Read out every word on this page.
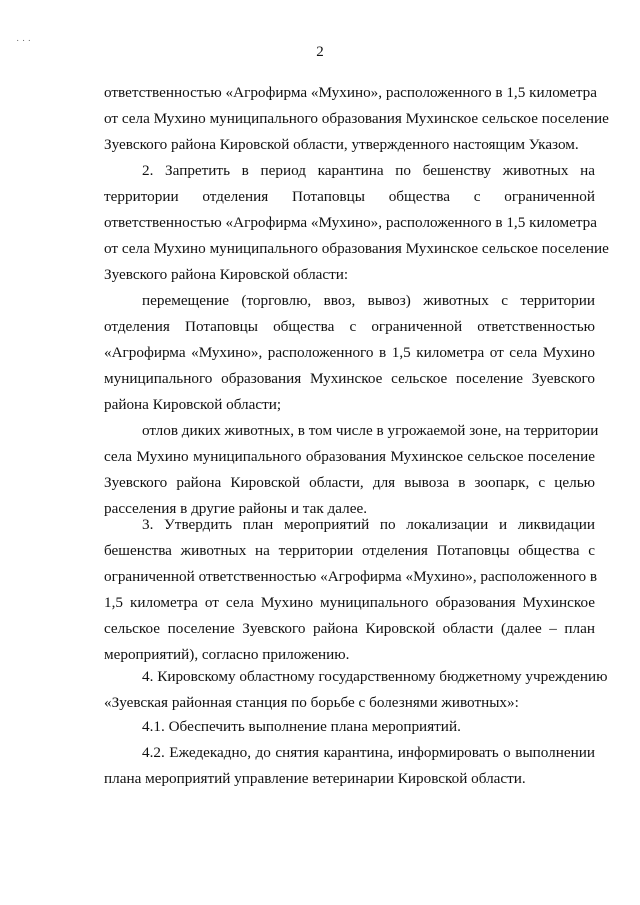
˙ ˙ ˙	2
ответственностью «Агрофирма «Мухино», расположенного в 1,5 километра
от села Мухино муниципального образования Мухинское сельское поселение
Зуевского района Кировской области, утвержденного настоящим Указом.
2. Запретить в период карантина по бешенству животных на
территории отделения Потаповцы общества с ограниченной
ответственностью «Агрофирма «Мухино», расположенного в 1,5 километра
от села Мухино муниципального образования Мухинское сельское поселение
Зуевского района Кировской области:
перемещение (торговлю, ввоз, вывоз) животных с территории
отделения Потаповцы общества с ограниченной ответственностью
«Агрофирма «Мухино», расположенного в 1,5 километра от села Мухино
муниципального образования Мухинское сельское поселение Зуевского
района Кировской области;
отлов диких животных, в том числе в угрожаемой зоне, на территории
села Мухино муниципального образования Мухинское сельское поселение
Зуевского района Кировской области, для вывоза в зоопарк, с целью
расселения в другие районы и так далее.
3. Утвердить план мероприятий по локализации и ликвидации
бешенства животных на территории отделения Потаповцы общества с
ограниченной ответственностью «Агрофирма «Мухино», расположенного в
1,5 километра от села Мухино муниципального образования Мухинское
сельское поселение Зуевского района Кировской области (далее – план
мероприятий), согласно приложению.
4. Кировскому областному государственному бюджетному учреждению
«Зуевская районная станция по борьбе с болезнями животных»:
4.1. Обеспечить выполнение плана мероприятий.
4.2. Ежедекадно, до снятия карантина, информировать о выполнении
плана мероприятий управление ветеринарии Кировской области.
